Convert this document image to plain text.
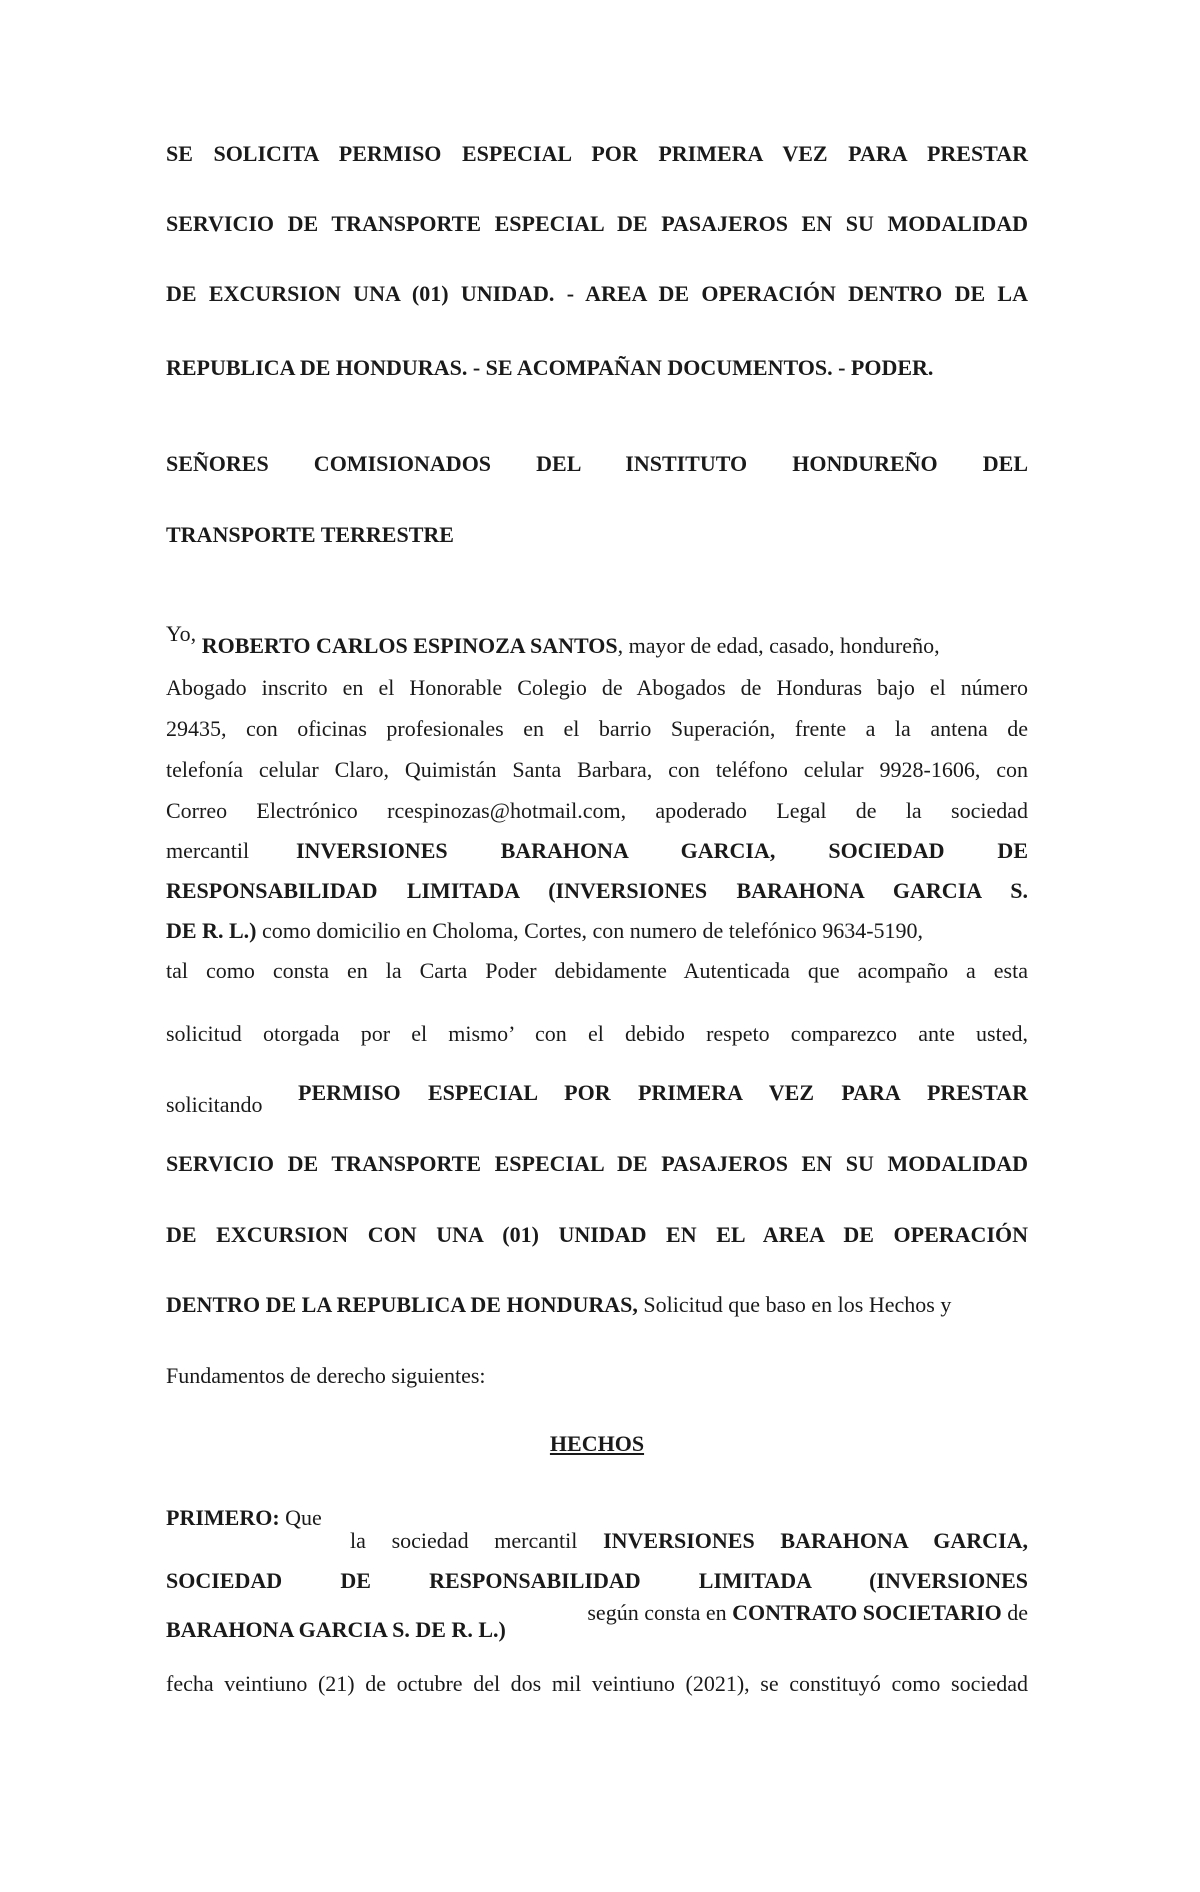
SE SOLICITA PERMISO ESPECIAL POR PRIMERA VEZ PARA PRESTAR
SERVICIO DE TRANSPORTE ESPECIAL DE PASAJEROS EN SU MODALIDAD
DE EXCURSION UNA (01) UNIDAD. - AREA DE OPERACIÓN DENTRO DE LA
REPUBLICA DE HONDURAS. - SE ACOMPAÑAN DOCUMENTOS. - PODER.
SEÑORES COMISIONADOS DEL INSTITUTO HONDUREÑO DEL
TRANSPORTE TERRESTRE
Yo, ROBERTO CARLOS ESPINOZA SANTOS, mayor de edad, casado, hondureño,
Abogado inscrito en el Honorable Colegio de Abogados de Honduras bajo el número
29435, con oficinas profesionales en el barrio Superación, frente a la antena de
telefonía celular Claro, Quimistán Santa Barbara, con teléfono celular 9928-1606, con
Correo Electrónico rcespinozas@hotmail.com, apoderado Legal de la sociedad
mercantil INVERSIONES BARAHONA GARCIA, SOCIEDAD DE
RESPONSABILIDAD LIMITADA (INVERSIONES BARAHONA GARCIA S.
DE R. L.) como domicilio en Choloma, Cortes, con numero de telefónico 9634-5190,
tal como consta en la Carta Poder debidamente Autenticada que acompaño a esta
solicitud otorgada por el mismo’ con el debido respeto comparezco ante usted,
solicitando PERMISO ESPECIAL POR PRIMERA VEZ PARA PRESTAR
SERVICIO DE TRANSPORTE ESPECIAL DE PASAJEROS EN SU MODALIDAD
DE EXCURSION CON UNA (01) UNIDAD EN EL AREA DE OPERACIÓN
DENTRO DE LA REPUBLICA DE HONDURAS, Solicitud que baso en los Hechos y
Fundamentos de derecho siguientes:
HECHOS
PRIMERO: Que
la sociedad mercantil INVERSIONES BARAHONA GARCIA,
SOCIEDAD DE RESPONSABILIDAD LIMITADA (INVERSIONES
BARAHONA GARCIA S. DE R. L.)
según consta en CONTRATO SOCIETARIO de
fecha veintiuno (21) de octubre del dos mil veintiuno (2021), se constituyó como sociedad
